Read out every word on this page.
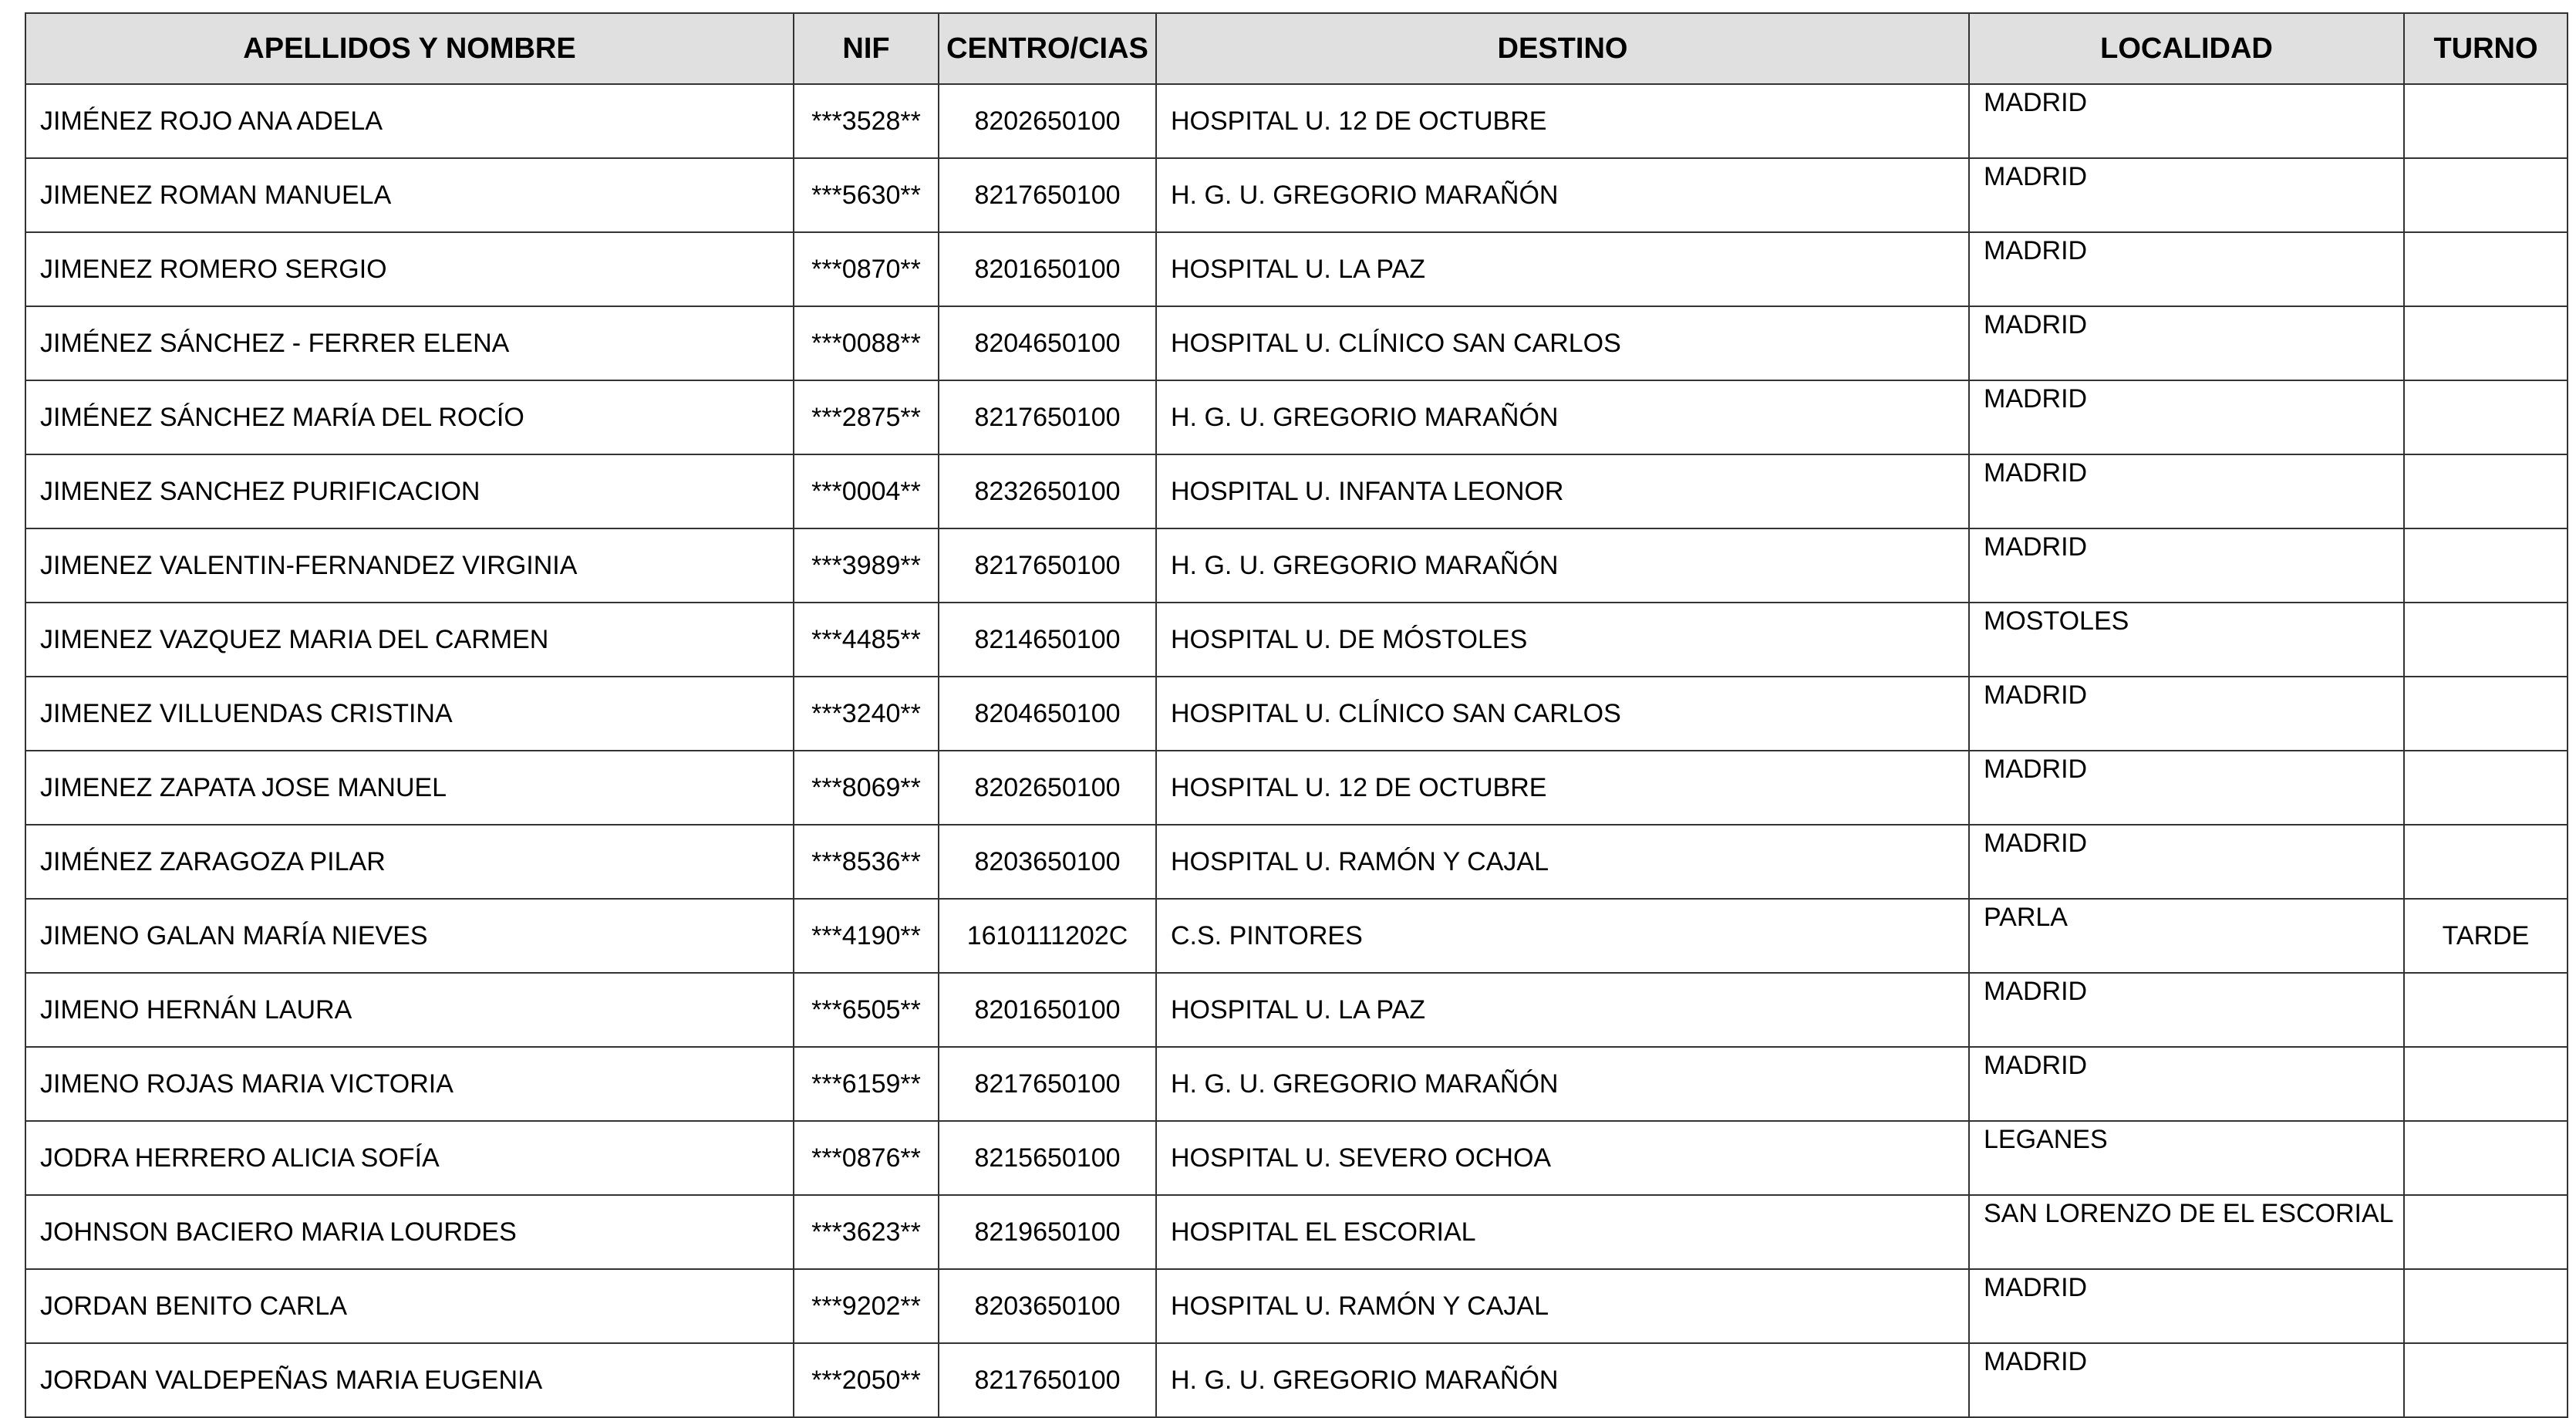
APELLIDOS Y NOMBRE	NIF	CENTRO/CIAS	DESTINO	LOCALIDAD	TURNO
JIMÉNEZ ROJO ANA ADELA	***3528**	8202650100	HOSPITAL U. 12 DE OCTUBRE	MADRID	
JIMENEZ ROMAN MANUELA	***5630**	8217650100	H. G. U. GREGORIO MARAÑÓN	MADRID	
JIMENEZ ROMERO SERGIO	***0870**	8201650100	HOSPITAL U. LA PAZ	MADRID	
JIMÉNEZ SÁNCHEZ - FERRER ELENA	***0088**	8204650100	HOSPITAL U. CLÍNICO SAN CARLOS	MADRID	
JIMÉNEZ SÁNCHEZ MARÍA DEL ROCÍO	***2875**	8217650100	H. G. U. GREGORIO MARAÑÓN	MADRID	
JIMENEZ SANCHEZ PURIFICACION	***0004**	8232650100	HOSPITAL U. INFANTA LEONOR	MADRID	
JIMENEZ VALENTIN-FERNANDEZ VIRGINIA	***3989**	8217650100	H. G. U. GREGORIO MARAÑÓN	MADRID	
JIMENEZ VAZQUEZ MARIA DEL CARMEN	***4485**	8214650100	HOSPITAL U. DE MÓSTOLES	MOSTOLES	
JIMENEZ VILLUENDAS CRISTINA	***3240**	8204650100	HOSPITAL U. CLÍNICO SAN CARLOS	MADRID	
JIMENEZ ZAPATA JOSE MANUEL	***8069**	8202650100	HOSPITAL U. 12 DE OCTUBRE	MADRID	
JIMÉNEZ ZARAGOZA PILAR	***8536**	8203650100	HOSPITAL U. RAMÓN Y CAJAL	MADRID	
JIMENO GALAN MARÍA NIEVES	***4190**	1610111202C	C.S. PINTORES	PARLA	TARDE
JIMENO HERNÁN LAURA	***6505**	8201650100	HOSPITAL U. LA PAZ	MADRID	
JIMENO ROJAS MARIA VICTORIA	***6159**	8217650100	H. G. U. GREGORIO MARAÑÓN	MADRID	
JODRA HERRERO ALICIA SOFÍA	***0876**	8215650100	HOSPITAL U. SEVERO OCHOA	LEGANES	
JOHNSON BACIERO MARIA LOURDES	***3623**	8219650100	HOSPITAL EL ESCORIAL	SAN LORENZO DE EL ESCORIAL	
JORDAN BENITO CARLA	***9202**	8203650100	HOSPITAL U. RAMÓN Y CAJAL	MADRID	
JORDAN VALDEPEÑAS MARIA EUGENIA	***2050**	8217650100	H. G. U. GREGORIO MARAÑÓN	MADRID	
